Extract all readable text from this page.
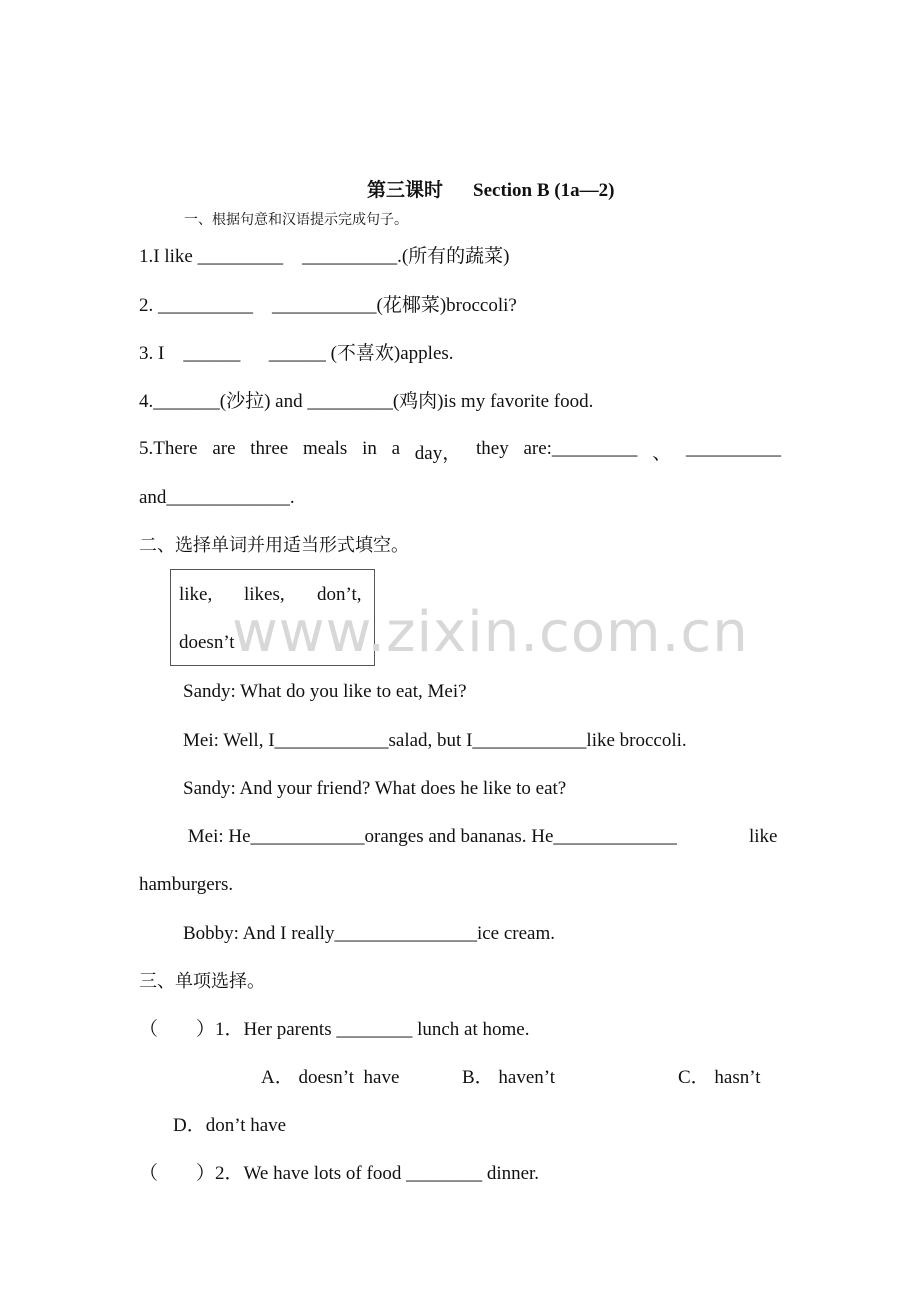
第三课时 Section B (1a—2)
一、根据句意和汉语提示完成句子。
1.I like _________    __________.(所有的蔬菜)
2. __________    ___________(花椰菜)broccoli?
3. I    ______      ______ (不喜欢)apples.
4._______(沙拉) and _________(鸡肉)is my favorite food.
5.There are three meals in a day， they are:_________ 、 __________
and_____________.
二、选择单词并用适当形式填空。
like, likes, don’t,
doesn’t
www.zixin.com.cn
Sandy: What do you like to eat, Mei?
Mei: Well, I____________salad, but I____________like broccoli.
Sandy: And your friend? What does he like to eat?
Mei: He____________oranges and bananas. He_____________	like
hamburgers.
Bobby: And I really_______________ice cream.
三、单项选择。
（        ）1．Her parents ________ lunch at home.
A． doesn’t  have	B． haven’t	C． hasn’t
D．don’t have
（        ）2．We have lots of food ________ dinner.
